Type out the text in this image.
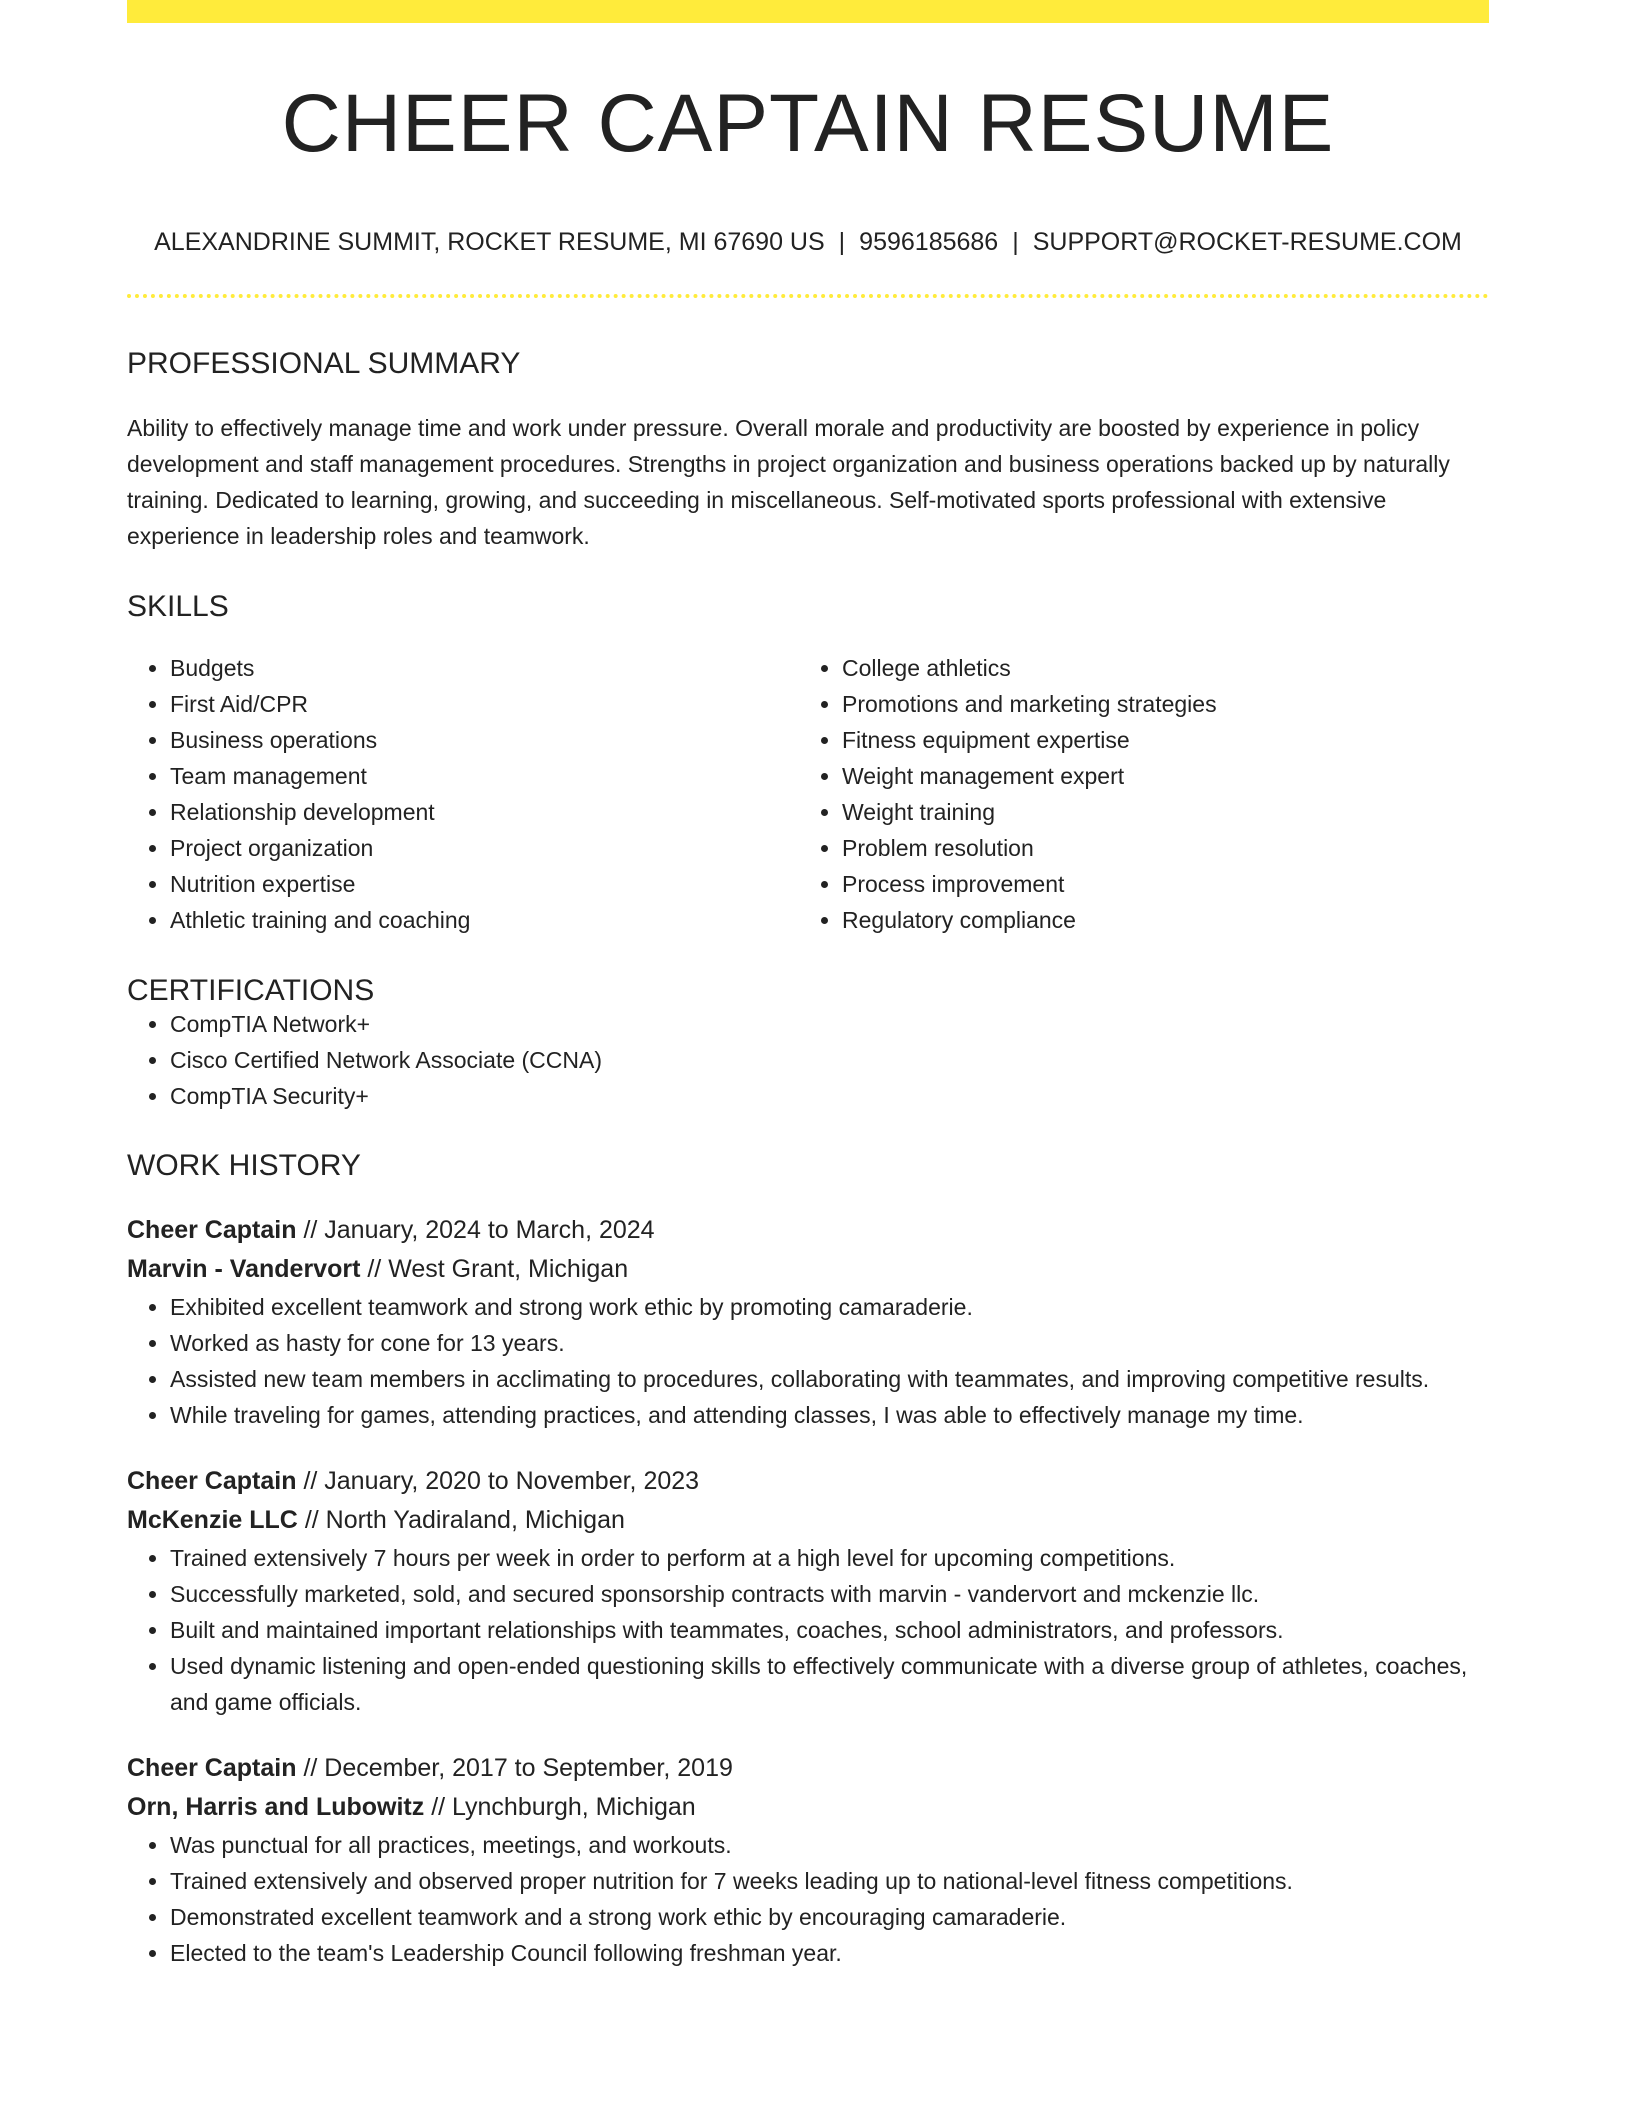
CHEER CAPTAIN RESUME
ALEXANDRINE SUMMIT, ROCKET RESUME, MI 67690 US | 9596185686 | SUPPORT@ROCKET-RESUME.COM
PROFESSIONAL SUMMARY

Ability to effectively manage time and work under pressure. Overall morale and productivity are boosted by experience in policy development and staff management procedures. Strengths in project organization and business operations backed up by naturally training. Dedicated to learning, growing, and succeeding in miscellaneous. Self-motivated sports professional with extensive experience in leadership roles and teamwork.

SKILLS
• Budgets
• First Aid/CPR
• Business operations
• Team management
• Relationship development
• Project organization
• Nutrition expertise
• Athletic training and coaching
• College athletics
• Promotions and marketing strategies
• Fitness equipment expertise
• Weight management expert
• Weight training
• Problem resolution
• Process improvement
• Regulatory compliance
CERTIFICATIONS
• CompTIA Network+
• Cisco Certified Network Associate (CCNA)
• CompTIA Security+
WORK HISTORY
Cheer Captain // January, 2024 to March, 2024
Marvin - Vandervort // West Grant, Michigan
• Exhibited excellent teamwork and strong work ethic by promoting camaraderie.
• Worked as hasty for cone for 13 years.
• Assisted new team members in acclimating to procedures, collaborating with teammates, and improving competitive results.
• While traveling for games, attending practices, and attending classes, I was able to effectively manage my time.
Cheer Captain // January, 2020 to November, 2023
McKenzie LLC // North Yadiraland, Michigan
• Trained extensively 7 hours per week in order to perform at a high level for upcoming competitions.
• Successfully marketed, sold, and secured sponsorship contracts with marvin - vandervort and mckenzie llc.
• Built and maintained important relationships with teammates, coaches, school administrators, and professors.
• Used dynamic listening and open-ended questioning skills to effectively communicate with a diverse group of athletes, coaches, and game officials.
Cheer Captain // December, 2017 to September, 2019
Orn, Harris and Lubowitz // Lynchburgh, Michigan
• Was punctual for all practices, meetings, and workouts.
• Trained extensively and observed proper nutrition for 7 weeks leading up to national-level fitness competitions.
• Demonstrated excellent teamwork and a strong work ethic by encouraging camaraderie.
• Elected to the team's Leadership Council following freshman year.
